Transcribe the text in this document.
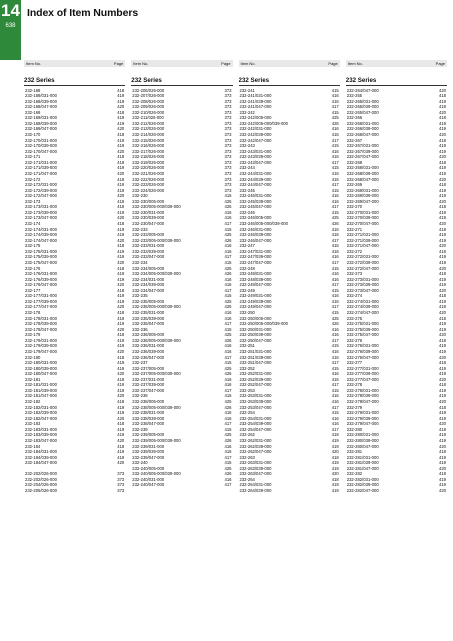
14
638
Index of Item Numbers
Item No.	Page
232 Series
232-168	418
232-168/031-000	419
232-168/039-000	419
232-168/047-000	420
232-169	418
232-169/031-000	419
232-169/039-000	419
232-169/047-000	420
232-170	418
232-170/031-000	419
232-170/039-000	419
232-170/047-000	420
232-171	418
232-171/031-000	419
232-171/039-000	419
232-171/047-000	420
232-172	418
232-172/031-000	419
232-172/039-000	419
232-172/047-000	420
232-173	418
232-173/031-000	419
232-173/039-000	419
232-173/047-000	420
232-174	418
232-174/031-000	419
232-174/039-000	419
232-174/047-000	420
232-175	418
232-175/031-000	419
232-175/039-000	419
232-175/047-000	420
232-176	418
232-176/031-000	419
232-176/039-000	419
232-176/047-000	420
232-177	418
232-177/031-000	419
232-177/039-000	419
232-177/047-000	420
232-178	418
232-178/031-000	419
232-178/039-000	419
232-178/047-000	420
232-179	418
232-179/031-000	419
232-179/039-000	419
232-179/047-000	420
232-180	418
232-180/031-000	419
232-180/039-000	419
232-180/047-000	420
232-181	418
232-181/031-000	419
232-181/039-000	419
232-181/047-000	420
232-182	418
232-182/031-000	419
232-182/039-000	419
232-182/047-000	420
232-183	418
232-183/031-000	419
232-183/039-000	419
232-183/047-000	420
232-184	418
232-184/031-000	419
232-184/039-000	419
232-184/047-000	420
232-202/026-000	373
232-202/026-000	373
232-204/026-000	373
232-205/026-000	373
Item No.	Page
232 Series
232-206/026-000	373
232-207/026-000	373
232-208/026-000	373
232-209/026-000	373
232-210/026-000	373
232-211/026-000	373
232-212/026-000	373
232-213/026-000	373
232-214/026-000	373
232-215/026-000	373
232-216/026-000	373
232-217/026-000	373
232-218/026-000	373
232-219/026-000	373
232-220/026-000	373
232-221/026-000	373
232-222/026-000	373
232-223/026-000	373
232-224/026-000	373
232-230	415
232-230/005-000	425
232-230/005-000/039-000	426
232-230/031-000	416
232-230/039-000	416
232-230/047-000	417
232-233	415
232-233/005-000	425
232-233/005-000/039-000	426
232-233/031-000	416
232-233/039-000	416
232-233/047-000	417
232-234	415
232-234/005-000	425
232-234/005-000/039-000	426
232-234/031-000	416
232-234/039-000	416
232-234/047-000	417
232-235	415
232-235/005-000	425
232-235/005-000/039-000	426
232-235/031-000	416
232-235/039-000	416
232-235/047-000	417
232-236	415
232-236/005-000	425
232-236/005-000/039-000	426
232-236/031-000	416
232-236/039-000	416
232-236/047-000	417
232-237	415
232-237/005-000	425
232-237/005-000/039-000	426
232-237/031-000	416
232-237/039-000	416
232-237/047-000	417
232-238	415
232-238/005-000	425
232-238/005-000/039-000	426
232-238/031-000	416
232-238/039-000	416
232-238/047-000	417
232-239	415
232-239/005-000	425
232-239/005-000/039-000	426
232-239/031-000	416
232-239/039-000	416
232-239/047-000	417
232-240	415
232-240/005-000	425
232-240/005-000/039-000	426
232-240/031-000	416
232-240/047-000	417
Item No.	Page
232 Series
232-241	415
232-241/031-000	416
232-241/039-000	416
232-241/047-000	417
232-242	415
232-242/005-000	425
232-242/005-000/039-000	426
232-242/031-000	416
232-242/039-000	416
232-242/047-000	417
232-243	415
232-243/031-000	416
232-243/039-000	416
232-243/047-000	417
232-244	415
232-244/031-000	416
232-244/039-000	416
232-244/047-000	417
232-245	415
232-245/031-000	416
232-245/039-000	416
232-245/047-000	417
232-246	415
232-246/005-000	425
232-246/005-000/039-000	426
232-246/031-000	416
232-246/039-000	416
232-246/047-000	417
232-247	415
232-247/031-000	416
232-247/039-000	416
232-247/047-000	417
232-248	415
232-248/031-000	416
232-248/039-000	416
232-248/047-000	417
232-249	415
232-249/031-000	416
232-249/039-000	416
232-249/047-000	417
232-250	415
232-250/005-000	425
232-250/005-000/039-000	426
232-250/031-000	416
232-250/039-000	416
232-250/047-000	417
232-251	415
232-251/031-000	416
232-251/039-000	416
232-251/047-000	417
232-252	415
232-252/031-000	416
232-252/039-000	416
232-252/047-000	417
232-253	415
232-253/031-000	416
232-253/039-000	416
232-253/047-000	417
232-254	415
232-254/031-000	416
232-254/039-000	416
232-254/047-000	417
232-262	418
232-262/031-000	419
232-262/039-000	419
232-262/047-000	420
232-263	418
232-263/031-000	419
232-263/039-000	419
232-263/047-000	420
232-264	418
232-264/031-000	419
232-264/039-000	419
Item No.	Page
232 Series
232-264/047-000	420
232-265	418
232-265/031-000	419
232-265/039-000	419
232-265/047-000	420
232-266	418
232-266/031-000	419
232-266/039-000	419
232-266/047-000	420
232-267	418
232-267/031-000	419
232-267/039-000	419
232-267/047-000	420
232-268	418
232-268/031-000	419
232-268/039-000	419
232-268/047-000	420
232-269	418
232-269/031-000	419
232-269/039-000	419
232-269/047-000	420
232-270	418
232-270/031-000	419
232-270/039-000	419
232-270/047-000	420
232-271	418
232-271/031-000	419
232-271/039-000	419
232-271/047-000	420
232-272	418
232-272/031-000	419
232-272/039-000	419
232-272/047-000	420
232-273	418
232-273/031-000	419
232-273/039-000	419
232-273/047-000	420
232-274	418
232-274/031-000	419
232-274/039-000	419
232-274/047-000	420
232-275	418
232-275/031-000	419
232-275/039-000	419
232-275/047-000	420
232-276	418
232-276/031-000	419
232-276/039-000	419
232-276/047-000	420
232-277	418
232-277/031-000	419
232-277/039-000	419
232-277/047-000	420
232-278	418
232-278/031-000	419
232-278/039-000	419
232-278/047-000	420
232-279	418
232-279/031-000	419
232-279/039-000	419
232-279/047-000	420
232-280	418
232-280/031-000	419
232-280/039-000	419
232-280/047-000	420
232-281	418
232-281/031-000	419
232-281/039-000	419
232-281/047-000	420
232-282	418
232-282/031-000	419
232-282/039-000	419
232-282/047-000	420
